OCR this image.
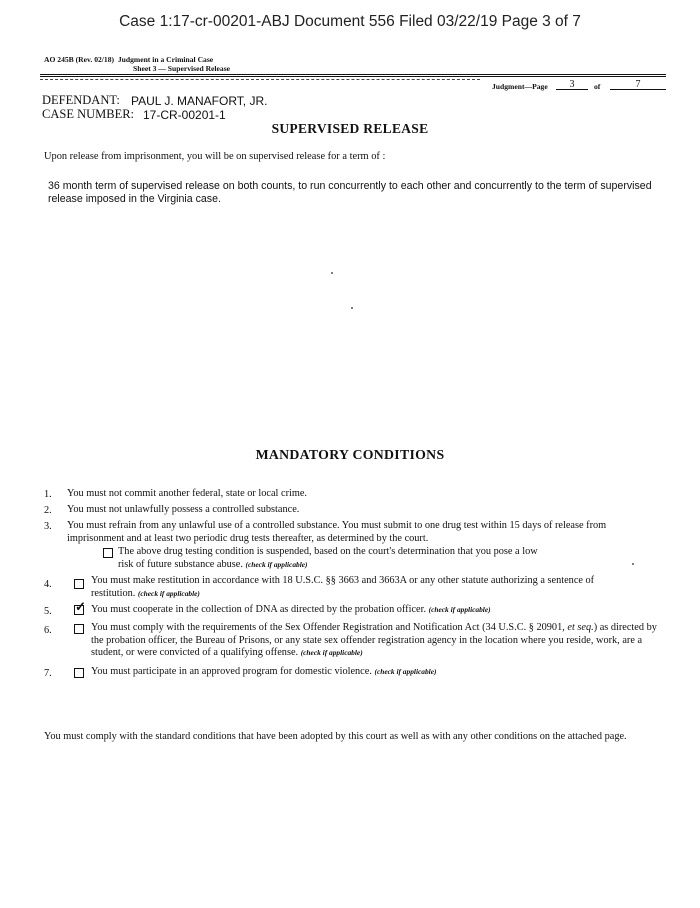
Case 1:17-cr-00201-ABJ Document 556 Filed 03/22/19 Page 3 of 7
AO 245B (Rev. 02/18) Judgment in a Criminal Case
Sheet 3 — Supervised Release
Judgment—Page	3	of	7
DEFENDANT: PAUL J. MANAFORT, JR.
CASE NUMBER: 17-CR-00201-1
SUPERVISED RELEASE
Upon release from imprisonment, you will be on supervised release for a term of :
36 month term of supervised release on both counts, to run concurrently to each other and concurrently to the term of supervised release imposed in the Virginia case.
MANDATORY CONDITIONS
1. You must not commit another federal, state or local crime.
2. You must not unlawfully possess a controlled substance.
3. You must refrain from any unlawful use of a controlled substance. You must submit to one drug test within 15 days of release from imprisonment and at least two periodic drug tests thereafter, as determined by the court.
The above drug testing condition is suspended, based on the court's determination that you pose a low risk of future substance abuse. (check if applicable)
4.	You must make restitution in accordance with 18 U.S.C. §§ 3663 and 3663A or any other statute authorizing a sentence of restitution. (check if applicable)
5. ✓ You must cooperate in the collection of DNA as directed by the probation officer. (check if applicable)
6.	You must comply with the requirements of the Sex Offender Registration and Notification Act (34 U.S.C. § 20901, et seq.) as directed by the probation officer, the Bureau of Prisons, or any state sex offender registration agency in the location where you reside, work, are a student, or were convicted of a qualifying offense. (check if applicable)
7.	You must participate in an approved program for domestic violence. (check if applicable)
You must comply with the standard conditions that have been adopted by this court as well as with any other conditions on the attached page.
